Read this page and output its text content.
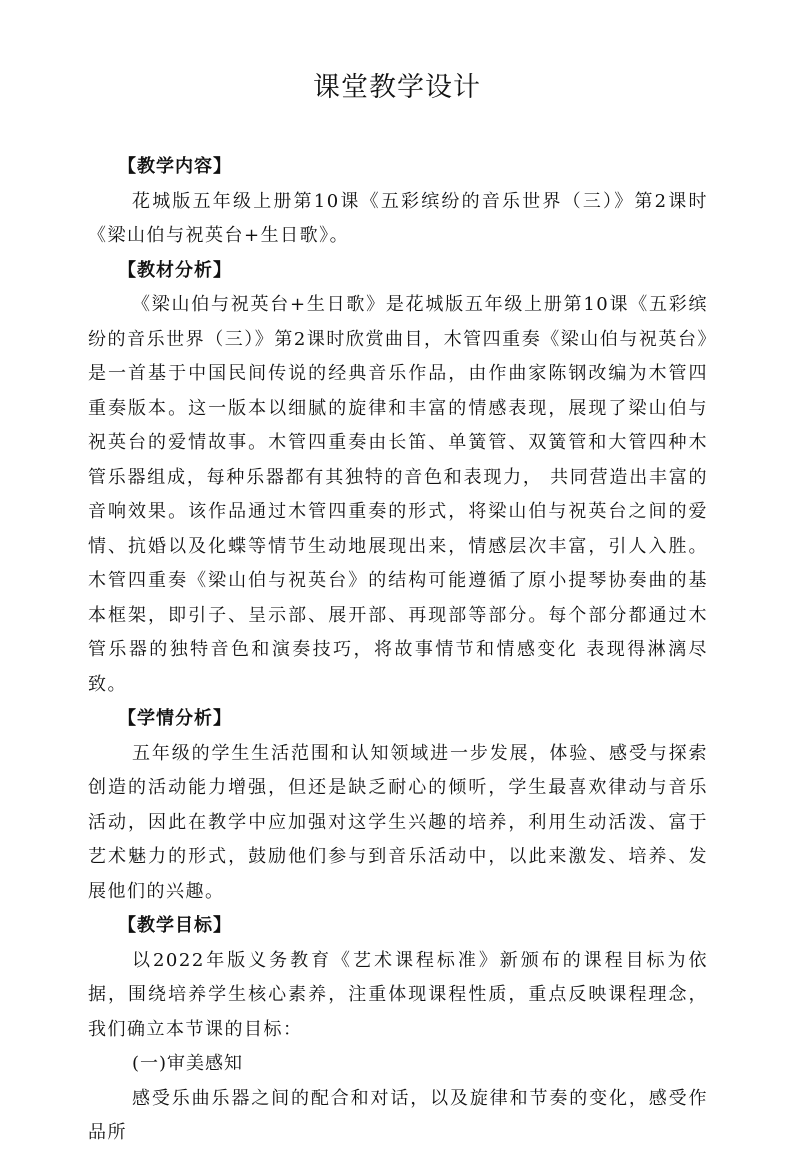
课堂教学设计

【教学内容】

花城版五年级上册第10课《五彩缤纷的音乐世界（三）》第2课时《梁山伯与祝英台+生日歌》。

【教材分析】

《梁山伯与祝英台+生日歌》是花城版五年级上册第10课《五彩缤纷的音乐世界（三）》第2课时欣赏曲目，木管四重奏《梁山伯与祝英台》是一首基于中国民间传说的经典音乐作品，由作曲家陈钢改编为木管四重奏版本。这一版本以细腻的旋律和丰富的情感表现，展现了梁山伯与祝英台的爱情故事。木管四重奏由长笛、单簧管、双簧管和大管四种木管乐器组成，每种乐器都有其独特的音色和表现力， 共同营造出丰富的音响效果。该作品通过木管四重奏的形式，将梁山伯与祝英台之间的爱情、抗婚以及化蝶等情节生动地展现出来，情感层次丰富，引人入胜。木管四重奏《梁山伯与祝英台》的结构可能遵循了原小提琴协奏曲的基本框架，即引子、呈示部、展开部、再现部等部分。每个部分都通过木管乐器的独特音色和演奏技巧，将故事情节和情感变化 表现得淋漓尽致。

【学情分析】

五年级的学生生活范围和认知领域进一步发展，体验、感受与探索创造的活动能力增强，但还是缺乏耐心的倾听，学生最喜欢律动与音乐活动，因此在教学中应加强对这学生兴趣的培养，利用生动活泼、富于艺术魅力的形式，鼓励他们参与到音乐活动中，以此来激发、培养、发展他们的兴趣。

【教学目标】

以2022年版义务教育《艺术课程标准》新颁布的课程目标为依据，围绕培养学生核心素养，注重体现课程性质，重点反映课程理念，我们确立本节课的目标：

(一)审美感知

感受乐曲乐器之间的配合和对话，以及旋律和节奏的变化，感受作品所
